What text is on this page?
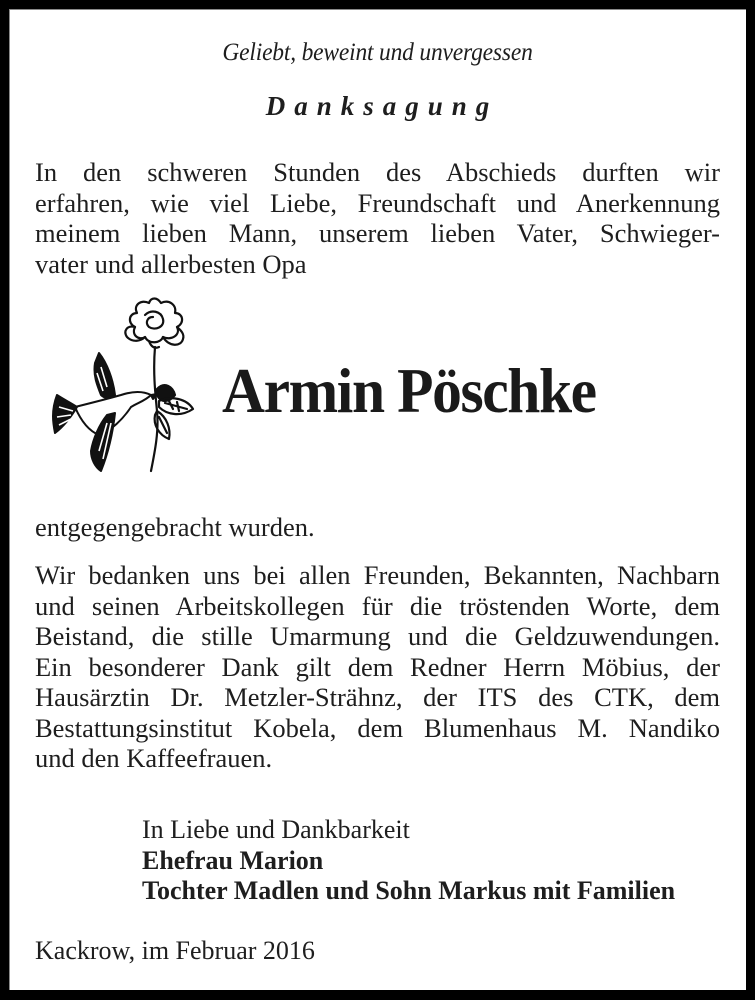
Geliebt, beweint und unvergessen
Danksagung

In den schweren Stunden des Abschieds durften wir
erfahren, wie viel Liebe, Freundschaft und Anerkennung
meinem lieben Mann, unserem lieben Vater, Schwieger-
vater und allerbesten Opa

Armin Pöschke

entgegengebracht wurden.

Wir bedanken uns bei allen Freunden, Bekannten, Nachbarn
und seinen Arbeitskollegen für die tröstenden Worte, dem
Beistand, die stille Umarmung und die Geldzuwendungen.
Ein besonderer Dank gilt dem Redner Herrn Möbius, der
Hausärztin Dr. Metzler-Strähnz, der ITS des CTK, dem
Bestattungsinstitut Kobela, dem Blumenhaus M. Nandiko
und den Kaffeefrauen.

In Liebe und Dankbarkeit
Ehefrau Marion
Tochter Madlen und Sohn Markus mit Familien
Kackrow, im Februar 2016
